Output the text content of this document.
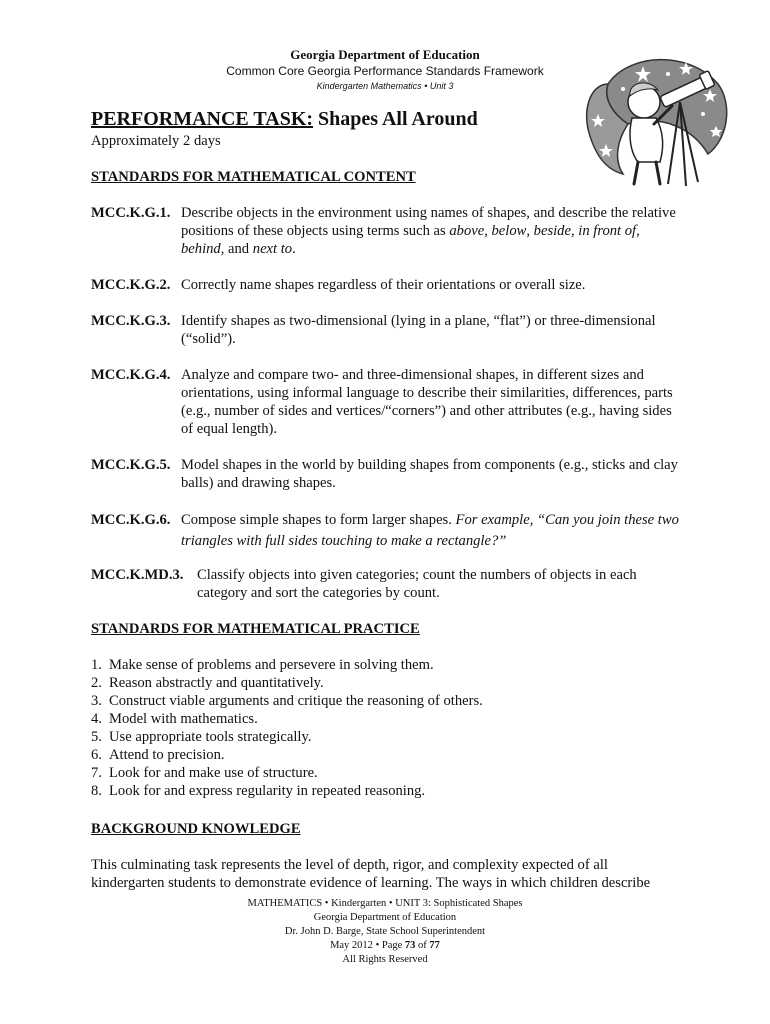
Georgia Department of Education
Common Core Georgia Performance Standards Framework
Kindergarten Mathematics • Unit 3
PERFORMANCE TASK: Shapes All Around

Approximately 2 days

STANDARDS FOR MATHEMATICAL CONTENT

MCC.K.G.1. Describe objects in the environment using names of shapes, and describe the relative positions of these objects using terms such as above, below, beside, in front of, behind, and next to.
MCC.K.G.2. Correctly name shapes regardless of their orientations or overall size.
MCC.K.G.3. Identify shapes as two-dimensional (lying in a plane, “flat”) or three-dimensional (“solid”).
MCC.K.G.4. Analyze and compare two- and three-dimensional shapes, in different sizes and orientations, using informal language to describe their similarities, differences, parts (e.g., number of sides and vertices/“corners”) and other attributes (e.g., having sides of equal length).
MCC.K.G.5. Model shapes in the world by building shapes from components (e.g., sticks and clay balls) and drawing shapes.
MCC.K.G.6. Compose simple shapes to form larger shapes. For example, “Can you join these two triangles with full sides touching to make a rectangle?”
MCC.K.MD.3. Classify objects into given categories; count the numbers of objects in each category and sort the categories by count.

STANDARDS FOR MATHEMATICAL PRACTICE

1. Make sense of problems and persevere in solving them.
2. Reason abstractly and quantitatively.
3. Construct viable arguments and critique the reasoning of others.
4. Model with mathematics.
5. Use appropriate tools strategically.
6. Attend to precision.
7. Look for and make use of structure.
8. Look for and express regularity in repeated reasoning.

BACKGROUND KNOWLEDGE

This culminating task represents the level of depth, rigor, and complexity expected of all kindergarten students to demonstrate evidence of learning. The ways in which children describe

MATHEMATICS • Kindergarten • UNIT 3: Sophisticated Shapes
Georgia Department of Education
Dr. John D. Barge, State School Superintendent
May 2012 • Page 73 of 77
All Rights Reserved
